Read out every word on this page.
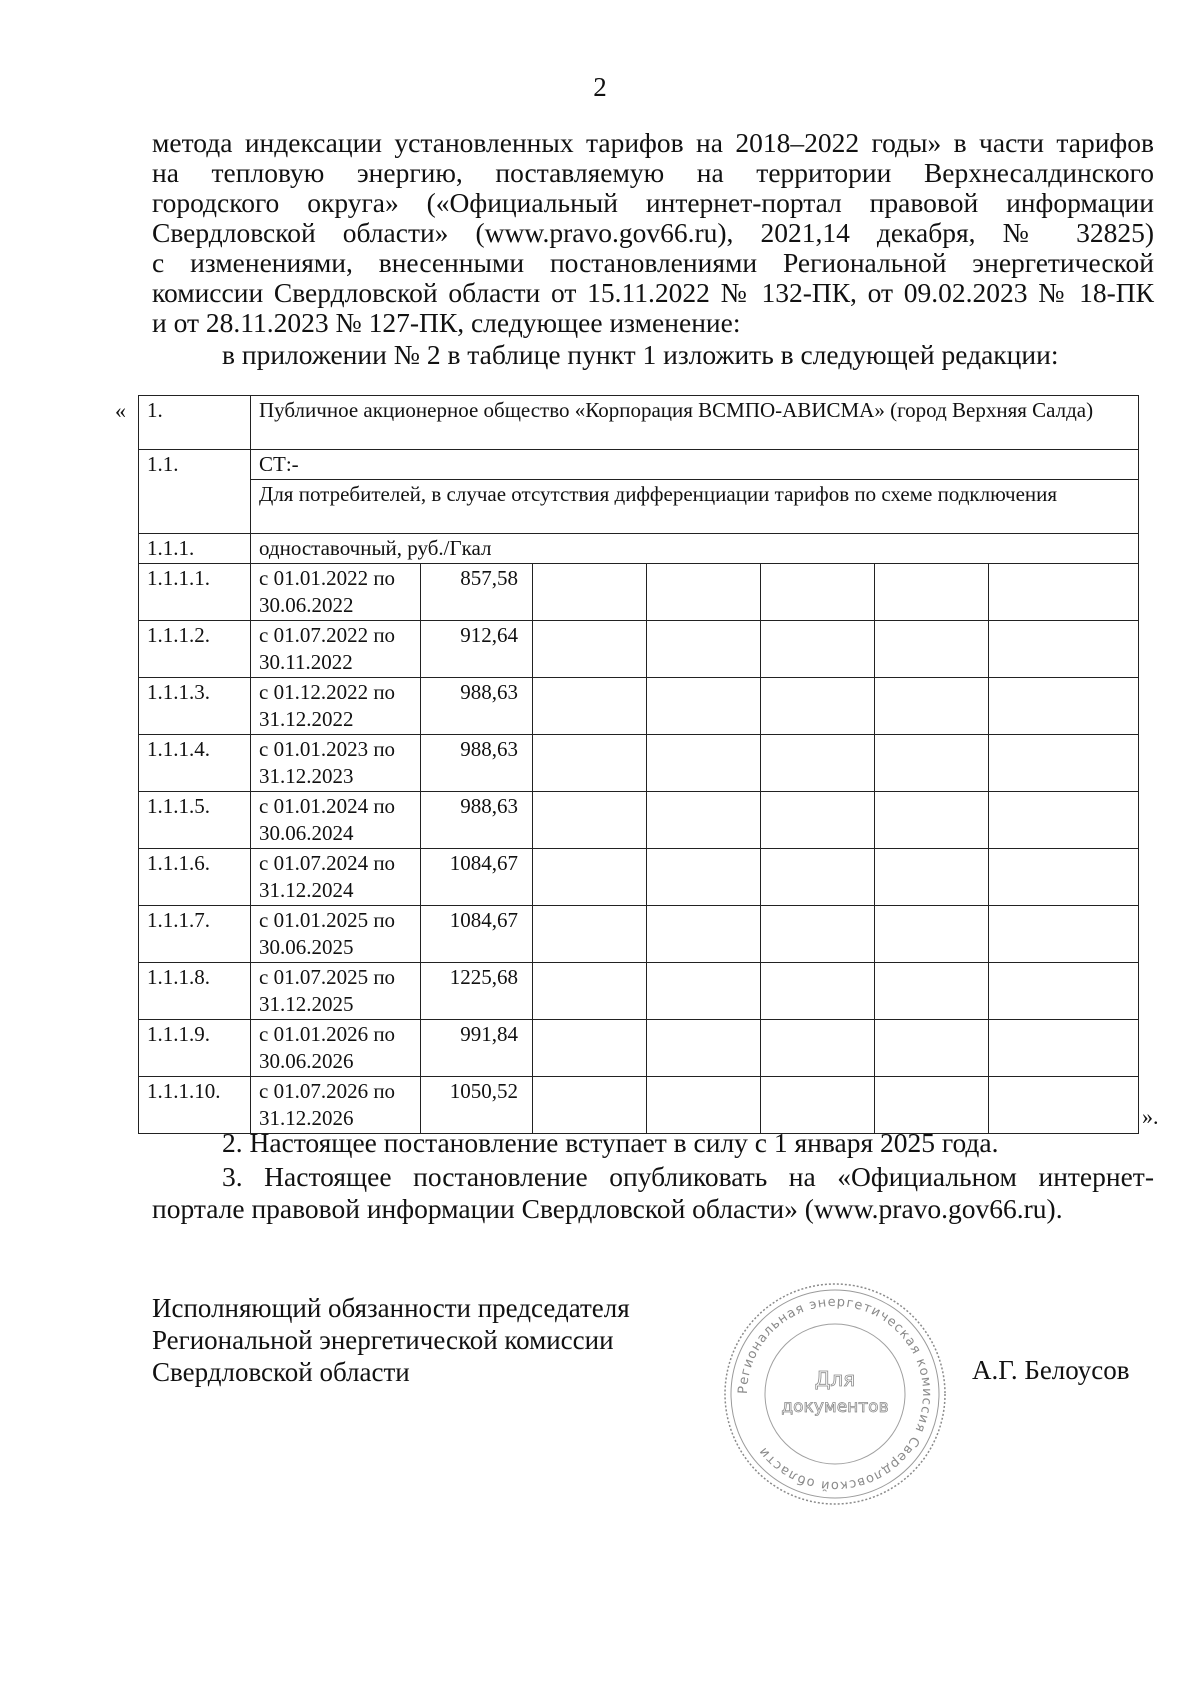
2
метода индексации установленных тарифов на 2018–2022 годы» в части тарифов
на тепловую энергию, поставляемую на территории Верхнесалдинского
городского округа» («Официальный интернет-портал правовой информации
Свердловской области» (www.pravo.gov66.ru), 2021,14 декабря, № 32825)
с изменениями, внесенными постановлениями Региональной энергетической
комиссии Свердловской области от 15.11.2022 № 132-ПК, от 09.02.2023 № 18-ПК
и от 28.11.2023 № 127-ПК, следующее изменение:
в приложении № 2 в таблице пункт 1 изложить в следующей редакции:
« 1.	Публичное акционерное общество «Корпорация ВСМПО-АВИСМА» (город Верхняя Салда)						
1.1.	СТ:-						
	Для потребителей, в случае отсутствия дифференциации тарифов по схеме подключения						
1.1.1.	одноставочный, руб./Гкал						
1.1.1.1.	с 01.01.2022 по 30.06.2022	857,58					
1.1.1.2.	с 01.07.2022 по 30.11.2022	912,64					
1.1.1.3.	с 01.12.2022 по 31.12.2022	988,63					
1.1.1.4.	с 01.01.2023 по 31.12.2023	988,63					
1.1.1.5.	с 01.01.2024 по 30.06.2024	988,63					
1.1.1.6.	с 01.07.2024 по 31.12.2024	1084,67					
1.1.1.7.	с 01.01.2025 по 30.06.2025	1084,67					
1.1.1.8.	с 01.07.2025 по 31.12.2025	1225,68					
1.1.1.9.	с 01.01.2026 по 30.06.2026	991,84					
1.1.1.10.	с 01.07.2026 по 31.12.2026	1050,52					
».
2. Настоящее постановление вступает в силу с 1 января 2025 года.
3. Настоящее постановление опубликовать на «Официальном интернет-
портале правовой информации Свердловской области» (www.pravo.gov66.ru).
Исполняющий обязанности председателя
Региональной энергетической комиссии
Свердловской области
Региональная энергетическая комиссия Свердловской области
Для
документов
А.Г. Белоусов
